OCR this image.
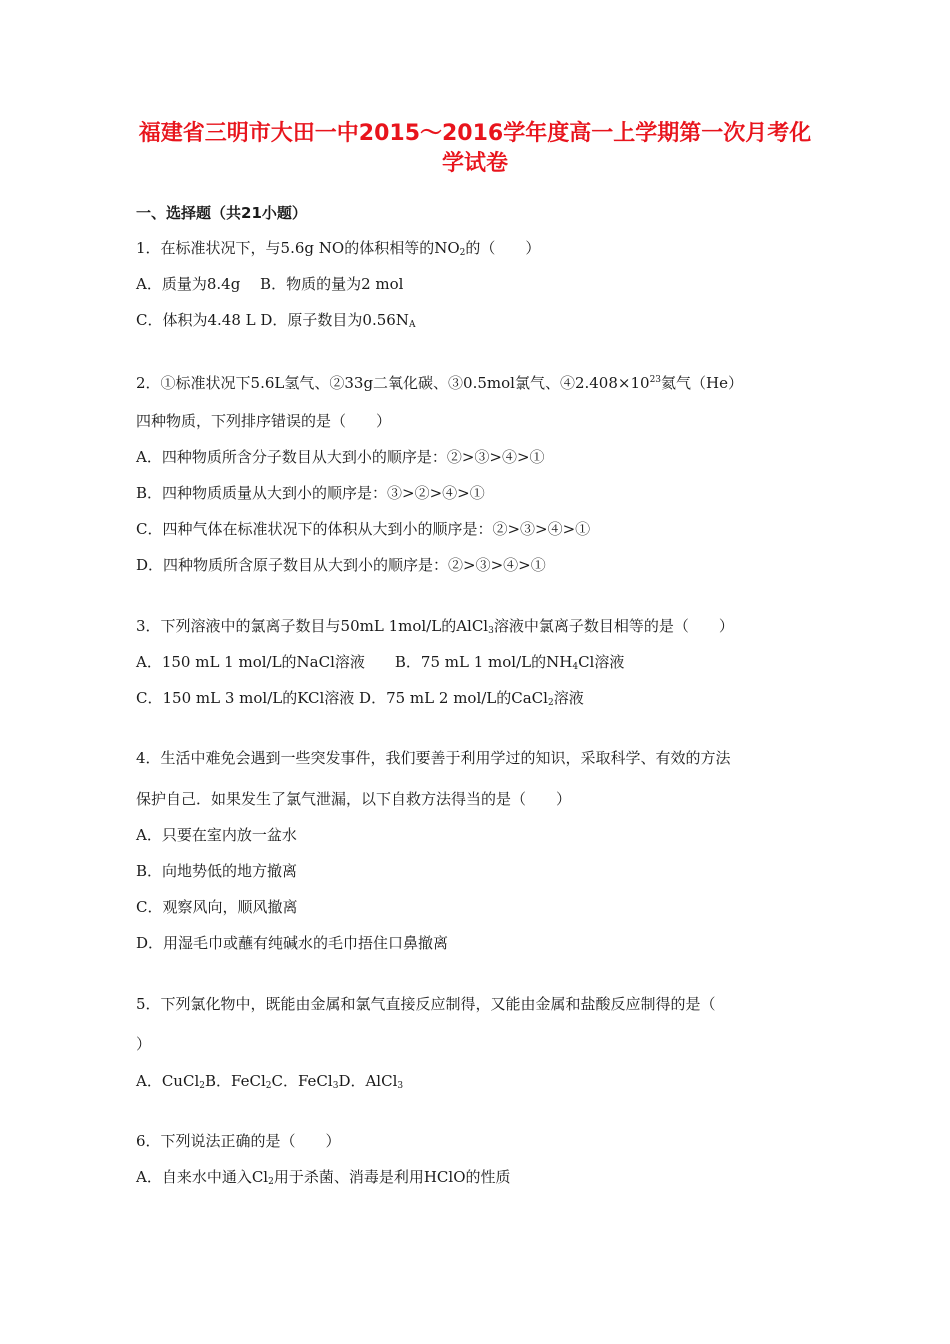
福建省三明市大田一中2015～2016学年度高一上学期第一次月考化
学试卷
一、选择题（共21小题）
1．在标准状况下，与5.6g NO的体积相等的$NO_2$的（　　）
A．质量为8.4g　 B．物质的量为2 mol
C．体积为4.48 L D．原子数目为$0.56N_A$
2．①标准状况下5.6L氢气、②33g二氧化碳、③0.5mol氯气、$④2.408\times 10^{23}$氦气（He）
四种物质，下列排序错误的是（　　）
A．四种物质所含分子数目从大到小的顺序是：②>③>④>①
B．四种物质质量从大到小的顺序是：③>②>④>①
C．四种气体在标准状况下的体积从大到小的顺序是：②>③>④>①
D．四种物质所含原子数目从大到小的顺序是：②>③>④>①
3．下列溶液中的氯离子数目与50mL 1mol/L的AlCl$_3$溶液中氯离子数目相等的是（　　）
A．150 mL 1 mol/L的NaCl溶液　　B．75 mL 1 mol/L的$NH_4Cl$溶液
C．150 mL 3 mol/L的KCl溶液 D．75 mL 2 mol/L的CaCl$_2$溶液
4．生活中难免会遇到一些突发事件，我们要善于利用学过的知识，采取科学、有效的方法
保护自己．如果发生了氯气泄漏，以下自救方法得当的是（　　）
A．只要在室内放一盆水
B．向地势低的地方撤离
C．观察风向，顺风撤离
D．用湿毛巾或蘸有纯碱水的毛巾捂住口鼻撤离
5．下列氯化物中，既能由金属和氯气直接反应制得，又能由金属和盐酸反应制得的是（
）
A．CuCl$_2$B．FeCl$_2$C．FeCl$_3$D．AlCl$_3$
6．下列说法正确的是（　　）
A．自来水中通入$Cl_2$用于杀菌、消毒是利用HClO的性质
